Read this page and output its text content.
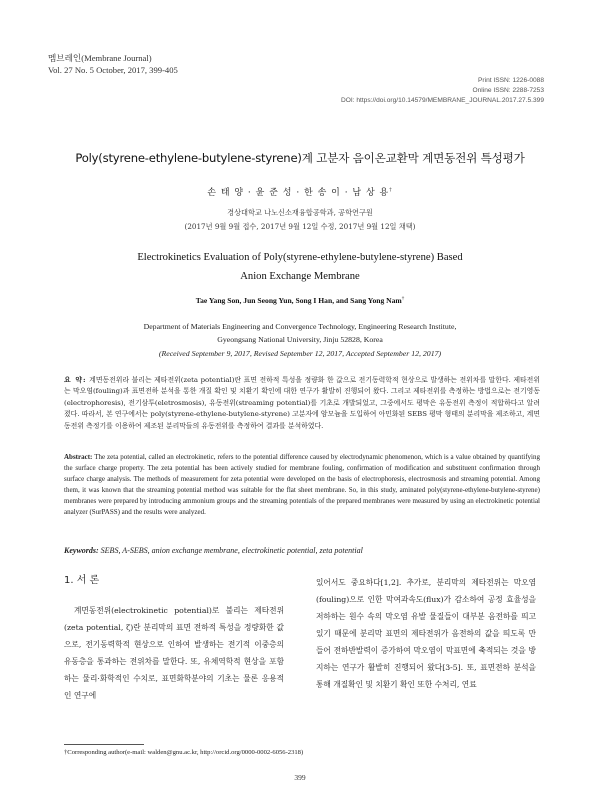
멤브레인(Membrane Journal)
Vol. 27 No. 5 October, 2017, 399-405
Print ISSN: 1226-0088
Online ISSN: 2288-7253
DOI: https://doi.org/10.14579/MEMBRANE_JOURNAL.2017.27.5.399
Poly(styrene-ethylene-butylene-styrene)계 고분자 음이온교환막 계면동전위 특성평가
손 태 양 · 윤 준 성 · 한 송 이 · 남 상 용†
경상대학교 나노신소재융합공학과, 공학연구원
(2017년 9월 9월 접수, 2017년 9월 12일 수정, 2017년 9월 12일 채택)
Electrokinetics Evaluation of Poly(styrene-ethylene-butylene-styrene) Based
Anion Exchange Membrane
Tae Yang Son, Jun Seong Yun, Song I Han, and Sang Yong Nam†
Department of Materials Engineering and Convergence Technology, Engineering Research Institute,
Gyeongsang National University, Jinju 52828, Korea
(Received September 9, 2017, Revised September 12, 2017, Accepted September 12, 2017)
요 약: 계면동전위라 불리는 제타전위(zeta potential)란 표면 전하적 특성을 정량화 한 값으로 전기동력학적 현상으로 발생하는 전위차를 말한다. 제타전위는 막오염(fouling)과 표면전하 분석을 통한 개질 확인 및 치환기 확인에 대한 연구가 활발히 진행되어 왔다. 그리고 제타전위를 측정하는 방법으로는 전기영동(electrophoresis), 전기삼투(eletrosmosis), 유동전위(streaming potential)를 기초로 개발되었고, 그중에서도 평막은 유동전위 측정이 적합하다고 알려졌다. 따라서, 본 연구에서는 poly(styrene-ethylene-butylene-styrene) 고분자에 암모늄을 도입하여 아민화된 SEBS 평막 형태의 분리막을 제조하고, 계면동전위 측정기를 이용하여 제조된 분리막들의 유동전위를 측정하여 결과를 분석하였다.
Abstract: The zeta potential, called an electrokinetic, refers to the potential difference caused by electrodynamic phenomenon, which is a value obtained by quantifying the surface charge property. The zeta potential has been actively studied for membrane fouling, confirmation of modification and substituent confirmation through surface charge analysis. The methods of measurement for zeta potential were developed on the basis of electrophoresis, electrosmosis and streaming potential. Among them, it was known that the streaming potential method was suitable for the flat sheet membrane. So, in this study, aminated poly(styrene-ethylene-butylene-styrene) membranes were prepared by introducing ammonium groups and the streaming potentials of the prepared membranes were measured by using an electrokinetic potential analyzer (SurPASS) and the results were analyzed.
Keywords: SEBS, A-SEBS, anion exchange membrane, electrokinetic potential, zeta potential
1. 서 론
계면동전위(electrokinetic potential)로 불리는 제타전위(zeta potential, ζ)란 분리막의 표면 전하적 특성을 정량화한 값으로, 전기동력학적 현상으로 인하여 발생하는 전기적 이중층의 유동층을 통과하는 전위차를 말한다. 또, 유체역학적 현상을 포함하는 물리·화학적인 수치로, 표면화학분야의 기초는 물론 응용적인 연구에
있어서도 중요하다[1,2]. 추가로, 분리막의 제타전위는 막오염(fouling)으로 인한 막여과속도(flux)가 감소하여 공정 효율성을 저하하는 원수 속의 막오염 유발 물질들이 대부분 음전하를 띄고 있기 때문에 분리막 표면의 제타전위가 음전하의 값을 띄도록 만들어 전하반발력이 증가하여 막오염이 막표면에 축적되는 것을 방지하는 연구가 활발히 진행되어 왔다[3-5]. 또, 표면전하 분석을 통해 개질확인 및 치환기 확인 또한 수처리, 연료
†Corresponding author(e-mail: walden@gnu.ac.kr, http://orcid.org/0000-0002-6056-2318)
399
